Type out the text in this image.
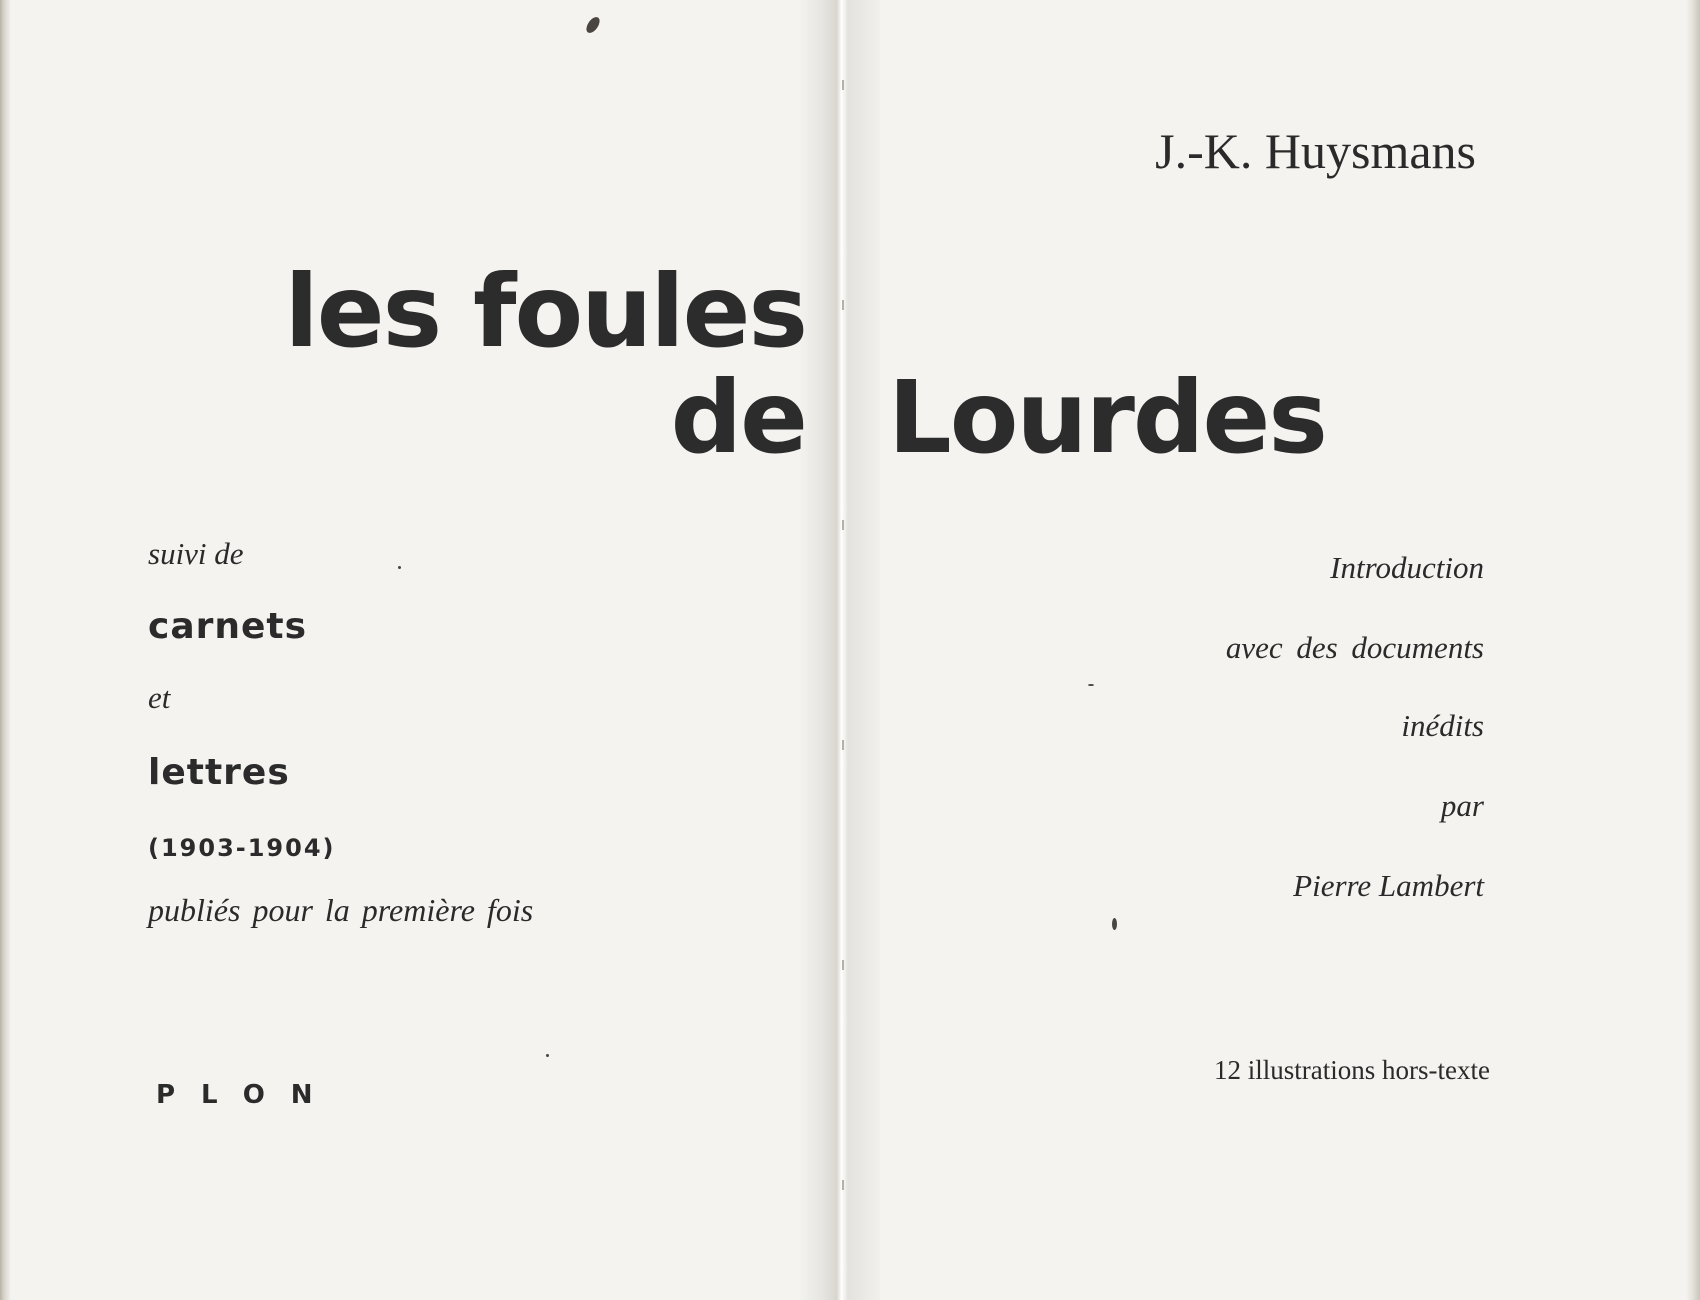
les foules
de
suivi de
carnets
et
lettres
(1903-1904)
publiés pour la première fois
PLON
J.-K. Huysmans
Lourdes
Introduction
avec des documents
inédits
par
Pierre Lambert
12 illustrations hors-texte
